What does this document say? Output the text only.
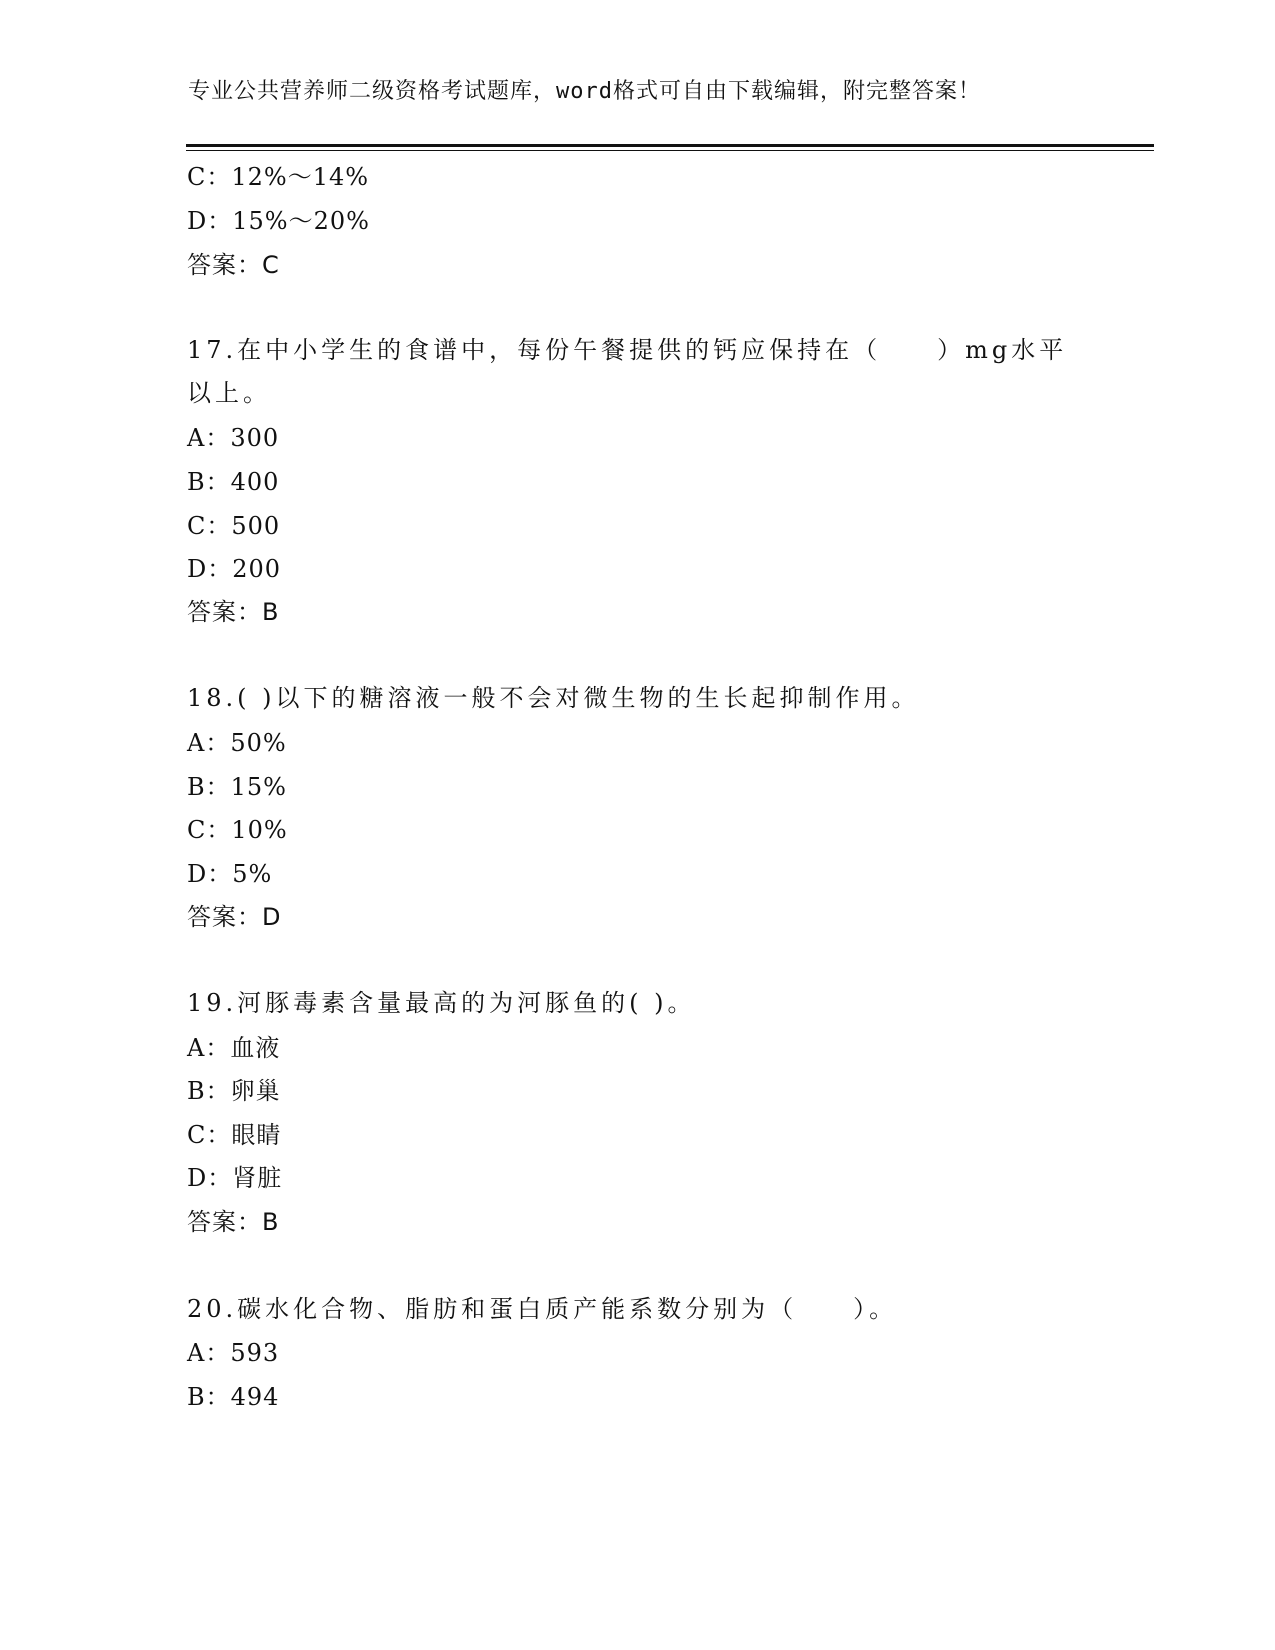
专业公共营养师二级资格考试题库，word格式可自由下载编辑，附完整答案！
C：12%～14%
D：15%～20%
答案：C
17.在中小学生的食谱中，每份午餐提供的钙应保持在（　　）mg水平
以上。
A：300
B：400
C：500
D：200
答案：B
18.( )以下的糖溶液一般不会对微生物的生长起抑制作用。
A：50%
B：15%
C：10%
D：5%
答案：D
19.河豚毒素含量最高的为河豚鱼的( )。
A：血液
B：卵巢
C：眼睛
D：肾脏
答案：B
20.碳水化合物、脂肪和蛋白质产能系数分别为（　　）。
A：593
B：494
